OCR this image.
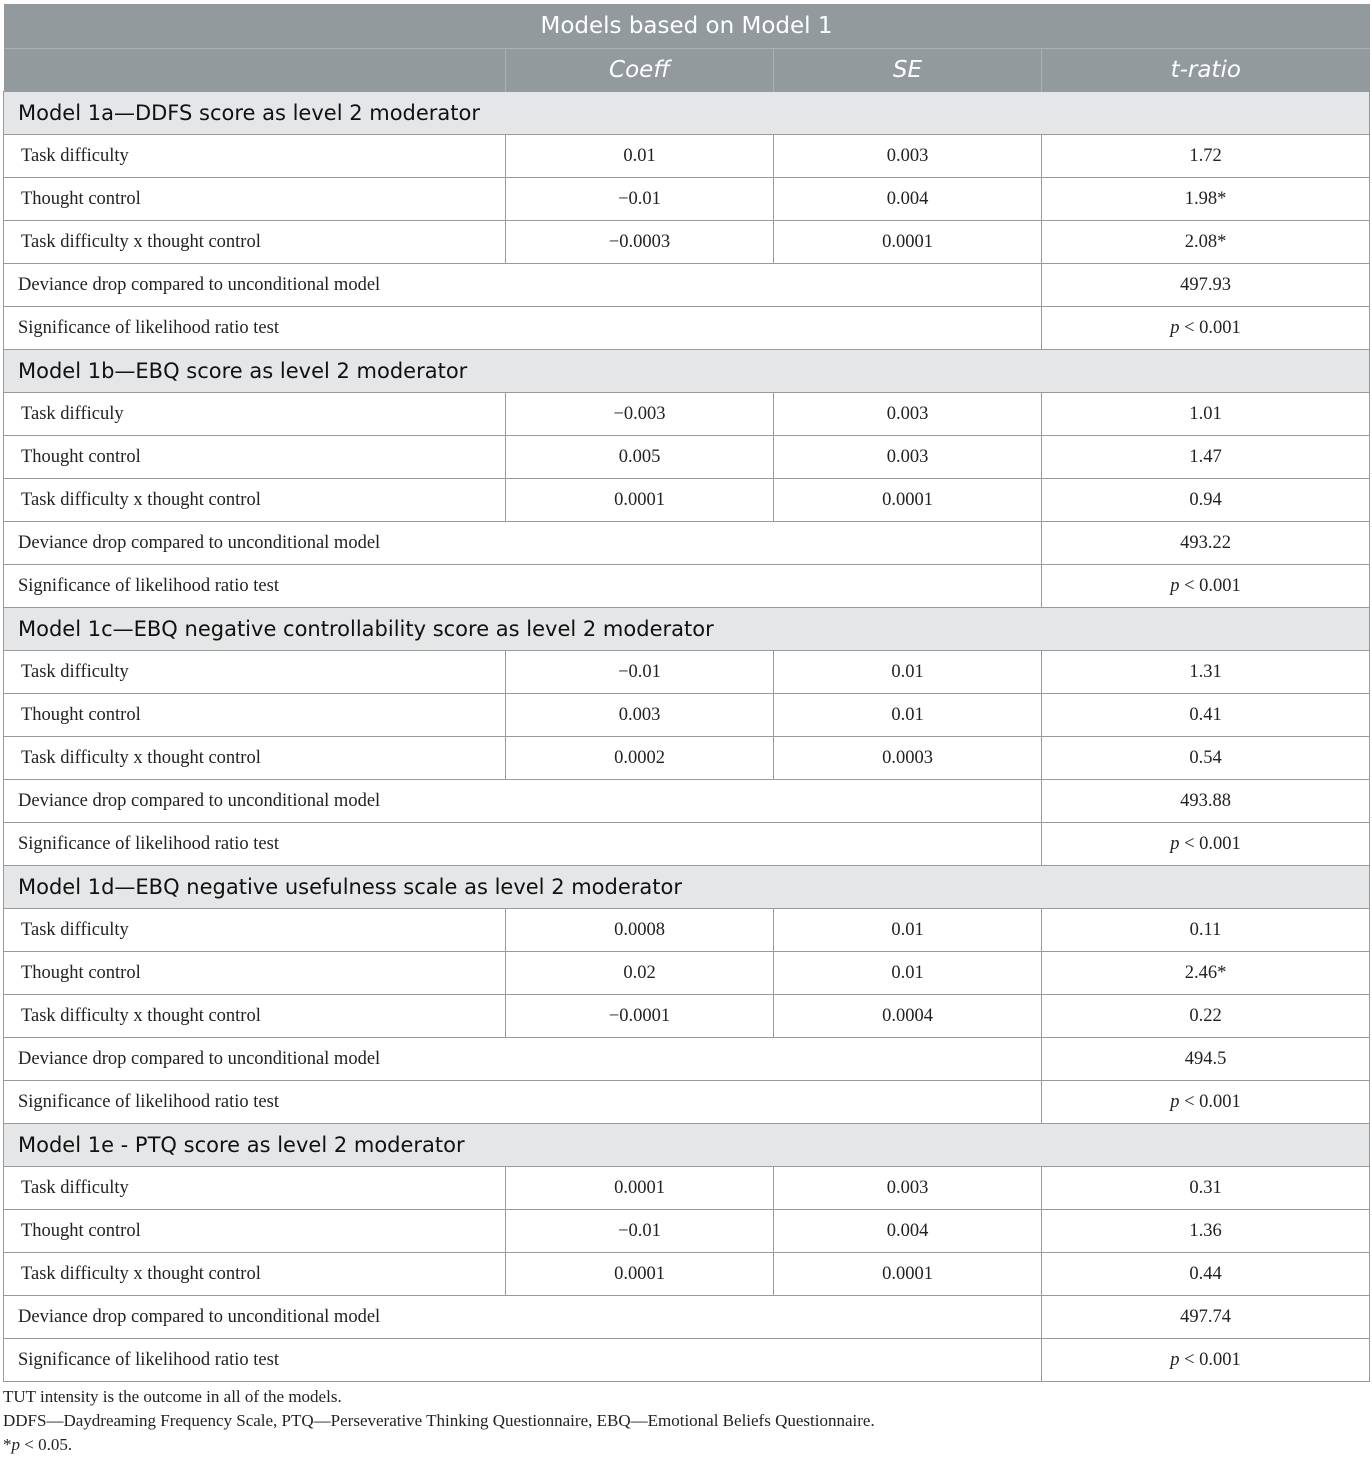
Models based on Model 1			
	Coeff	SE	t-ratio
Model 1a—DDFS score as level 2 moderator			
Task difficulty	0.01	0.003	1.72
Thought control	−0.01	0.004	1.98*
Task difficulty x thought control	−0.0003	0.0001	2.08*
Deviance drop compared to unconditional model			497.93
Significance of likelihood ratio test			p < 0.001
Model 1b—EBQ score as level 2 moderator			
Task difficuly	−0.003	0.003	1.01
Thought control	0.005	0.003	1.47
Task difficulty x thought control	0.0001	0.0001	0.94
Deviance drop compared to unconditional model			493.22
Significance of likelihood ratio test			p < 0.001
Model 1c—EBQ negative controllability score as level 2 moderator			
Task difficulty	−0.01	0.01	1.31
Thought control	0.003	0.01	0.41
Task difficulty x thought control	0.0002	0.0003	0.54
Deviance drop compared to unconditional model			493.88
Significance of likelihood ratio test			p < 0.001
Model 1d—EBQ negative usefulness scale as level 2 moderator			
Task difficulty	0.0008	0.01	0.11
Thought control	0.02	0.01	2.46*
Task difficulty x thought control	−0.0001	0.0004	0.22
Deviance drop compared to unconditional model			494.5
Significance of likelihood ratio test			p < 0.001
Model 1e - PTQ score as level 2 moderator			
Task difficulty	0.0001	0.003	0.31
Thought control	−0.01	0.004	1.36
Task difficulty x thought control	0.0001	0.0001	0.44
Deviance drop compared to unconditional model			497.74
Significance of likelihood ratio test			p < 0.001
TUT intensity is the outcome in all of the models.
DDFS—Daydreaming Frequency Scale, PTQ—Perseverative Thinking Questionnaire, EBQ—Emotional Beliefs Questionnaire.
*p < 0.05.
